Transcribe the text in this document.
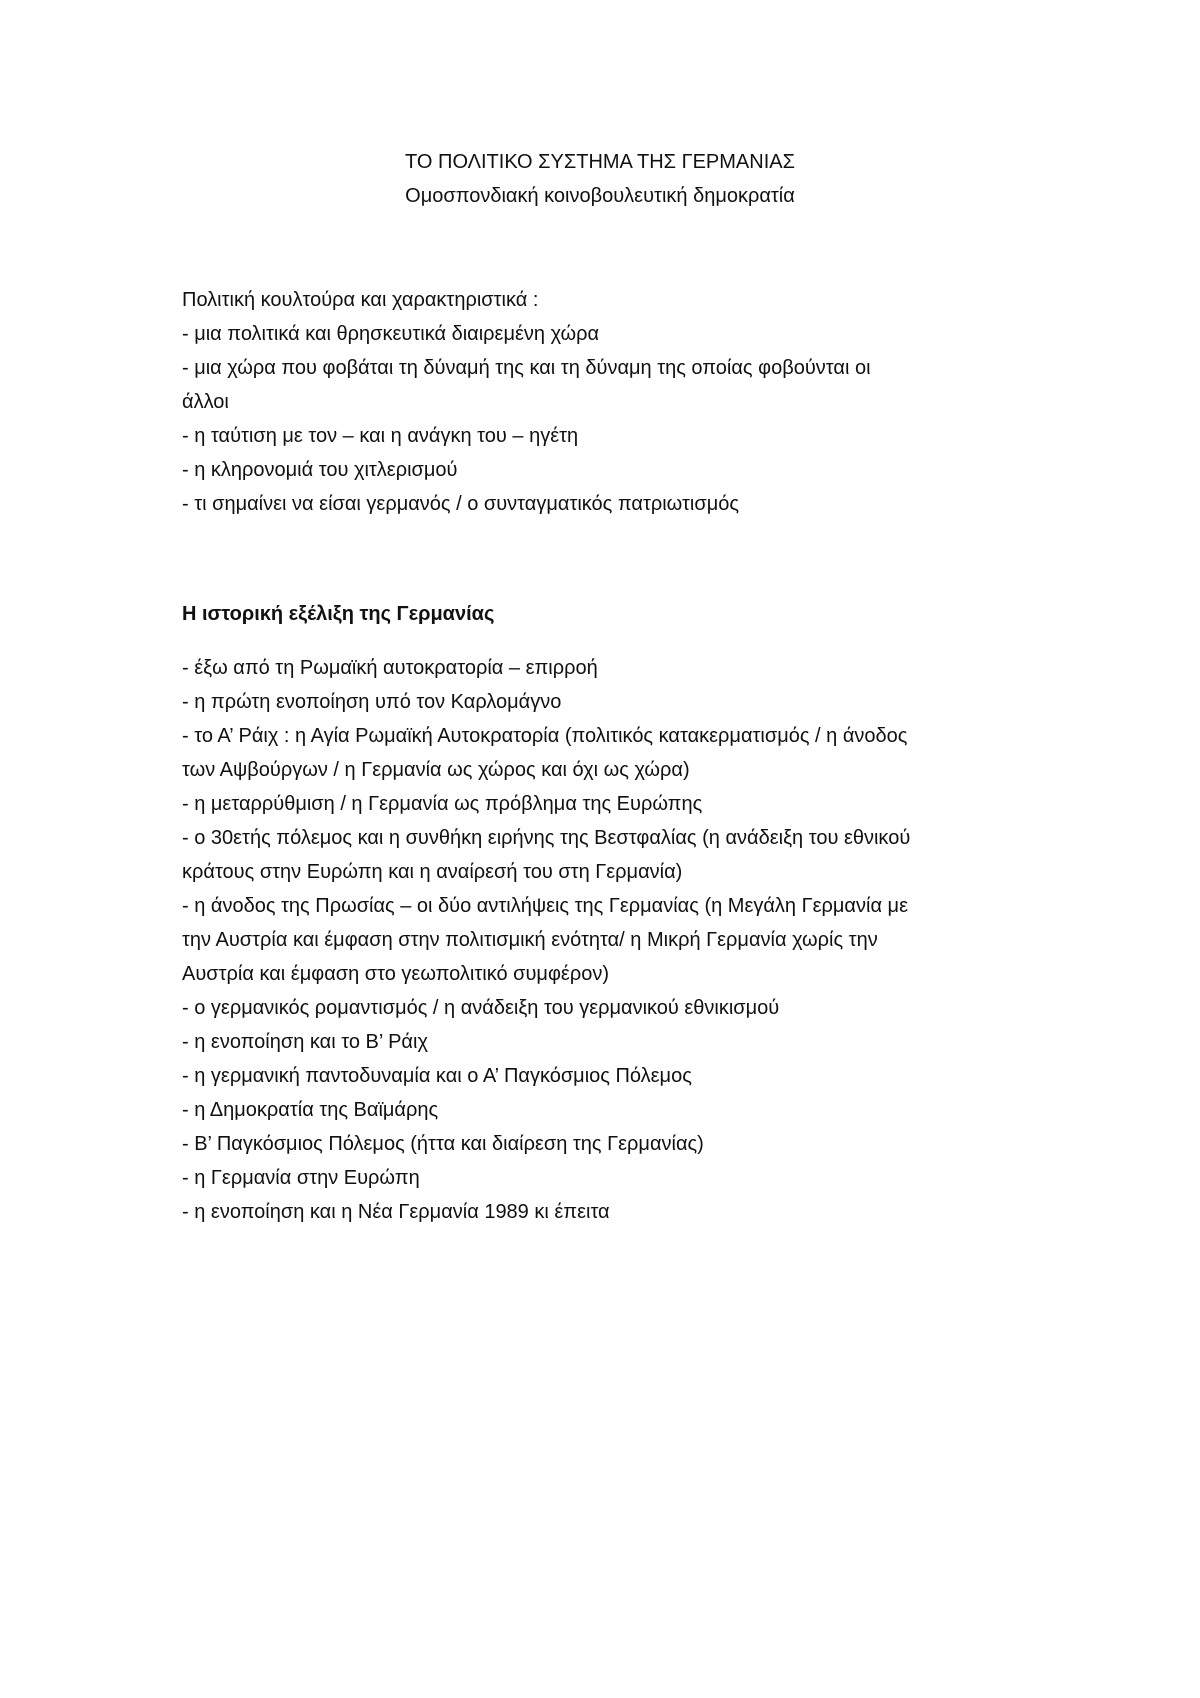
ΤΟ ΠΟΛΙΤΙΚΟ ΣΥΣΤΗΜΑ ΤΗΣ ΓΕΡΜΑΝΙΑΣ
Ομοσπονδιακή κοινοβουλευτική δημοκρατία
Πολιτική κουλτούρα και χαρακτηριστικά :
- μια πολιτικά και θρησκευτικά διαιρεμένη χώρα
- μια χώρα που φοβάται τη δύναμή της και τη δύναμη της οποίας φοβούνται οι
άλλοι
- η ταύτιση με τον – και η ανάγκη του – ηγέτη
- η κληρονομιά του χιτλερισμού
- τι σημαίνει να είσαι γερμανός / ο συνταγματικός πατριωτισμός
Η ιστορική εξέλιξη της Γερμανίας
- έξω από τη Ρωμαϊκή αυτοκρατορία – επιρροή
- η πρώτη ενοποίηση υπό τον Καρλομάγνο
- το Α’ Ράιχ : η Αγία Ρωμαϊκή Αυτοκρατορία (πολιτικός κατακερματισμός / η άνοδος
των Αψβούργων / η Γερμανία ως χώρος και όχι ως χώρα)
- η μεταρρύθμιση / η Γερμανία ως πρόβλημα της Ευρώπης
- ο 30ετής πόλεμος και η συνθήκη ειρήνης της Βεστφαλίας (η ανάδειξη του εθνικού
κράτους στην Ευρώπη και η αναίρεσή του στη Γερμανία)
- η άνοδος της Πρωσίας – οι δύο αντιλήψεις της Γερμανίας (η Μεγάλη Γερμανία με
την Αυστρία και έμφαση στην πολιτισμική ενότητα/ η Μικρή Γερμανία χωρίς την
Αυστρία και έμφαση στο γεωπολιτικό συμφέρον)
- ο γερμανικός ρομαντισμός / η ανάδειξη του γερμανικού εθνικισμού
- η ενοποίηση και το Β’ Ράιχ
- η γερμανική παντοδυναμία και ο Α’ Παγκόσμιος Πόλεμος
- η Δημοκρατία της Βαϊμάρης
- Β’ Παγκόσμιος Πόλεμος (ήττα και διαίρεση της Γερμανίας)
- η Γερμανία στην Ευρώπη
- η ενοποίηση και η Νέα Γερμανία 1989 κι έπειτα
